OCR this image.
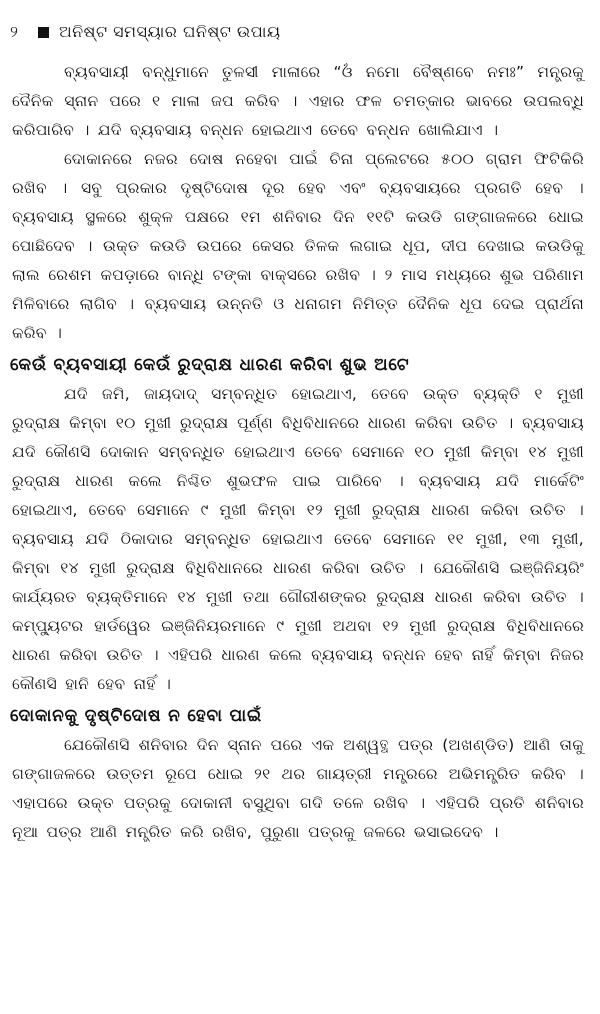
୨	ଅନିଷ୍ଟ ସମସ୍ୟାର ଘନିଷ୍ଟ ଉପାୟ

ବ୍ୟବସାୟୀ ବନ୍ଧୁମାନେ ତୁଳସୀ ମାଳାରେ “ଓଁ ନମୋ ବୈଷ୍ଣବେ ନମଃ” ମନ୍ତ୍ରକୁ ଦୈନିକ ସ୍ନାନ ପରେ ୧ ମାଳା ଜପ କରିବ । ଏହାର ଫଳ ଚମତ୍କାର ଭାବରେ ଉପଲବ୍ଧି କରିପାରିବ । ଯଦି ବ୍ୟବସାୟ ବନ୍ଧନ ହୋଇଥାଏ ତେବେ ବନ୍ଧନ ଖୋଲିଯାଏ ।

ଦୋକାନରେ ନଜର ଦୋଷ ନହେବା ପାଇଁ ଚିନା ପ୍ଲେଟରେ ୫୦୦ ଗ୍ରାମ ଫିଟିକିରି ରଖିବ । ସବୁ ପ୍ରକାର ଦୃଷ୍ଟିଦୋଷ ଦୂର ହେବ ଏବଂ ବ୍ୟବସାୟରେ ପ୍ରଗତି ହେବ । ବ୍ୟବସାୟ ସ୍ଥଳରେ ଶୁକ୍ଳ ପକ୍ଷରେ ୧ମ ଶନିବାର ଦିନ ୧୧ଟି କଉଡି ଗଙ୍ଗାଜଳରେ ଧୋଇ ପୋଛିଦେବ । ଉକ୍ତ କଉଡି ଉପରେ କେସର ତିଳକ ଲଗାଇ ଧୂପ, ଦୀପ ଦେଖାଇ କଉଡିକୁ ଲାଲ ରେଶମ କପଡ଼ାରେ ବାନ୍ଧି ଟଙ୍କା ବାକ୍ସରେ ରଖିବ । ୨ ମାସ ମଧ୍ୟରେ ଶୁଭ ପରିଣାମ ମିଳିବାରେ ଲାଗିବ । ବ୍ୟବସାୟ ଉନ୍ନତି ଓ ଧନାଗମ ନିମିତ୍ତ ଦୈନିକ ଧୂପ ଦେଇ ପ୍ରାର୍ଥନା କରିବ ।

କେଉଁ ବ୍ୟବସାୟୀ କେଉଁ ରୁଦ୍ରାକ୍ଷ ଧାରଣ କରିବା ଶୁଭ ଅଟେ

ଯଦି ଜମି, ଜାୟଦାଦ୍ ସମ୍ବନ୍ଧିତ ହୋଇଥାଏ, ତେବେ ଉକ୍ତ ବ୍ୟକ୍ତି ୧ ମୁଖୀ ରୁଦ୍ରାକ୍ଷ କିମ୍ବା ୧୦ ମୁଖୀ ରୁଦ୍ରାକ୍ଷ ପୂର୍ଣ୍ଣ ବିଧିବିଧାନରେ ଧାରଣ କରିବା ଉଚିତ । ବ୍ୟବସାୟ ଯଦି କୌଣସି ଦୋକାନ ସମ୍ବନ୍ଧିତ ହୋଇଥାଏ ତେବେ ସେମାନେ ୧୦ ମୁଖୀ କିମ୍ବା ୧୪ ମୁଖୀ ରୁଦ୍ରାକ୍ଷ ଧାରଣ କଲେ ନିଶ୍ଚିତ ଶୁଭଫଳ ପାଇ ପାରିବେ । ବ୍ୟବସାୟ ଯଦି ମାର୍କେଟିଂ ହୋଇଥାଏ, ତେବେ ସେମାନେ ୯ ମୁଖୀ କିମ୍ବା ୧୨ ମୁଖୀ ରୁଦ୍ରାକ୍ଷ ଧାରଣ କରିବା ଉଚିତ । ବ୍ୟବସାୟ ଯଦି ଠିକାଦାର ସମ୍ବନ୍ଧିତ ହୋଇଥାଏ ତେବେ ସେମାନେ ୧୧ ମୁଖୀ, ୧୩ ମୁଖୀ, କିମ୍ବା ୧୪ ମୁଖୀ ରୁଦ୍ରାକ୍ଷ ବିଧିବିଧାନରେ ଧାରଣ କରିବା ଉଚିତ । ଯେକୌଣସି ଇଞ୍ଜିନିୟରିଂ କାର୍ଯ୍ୟରତ ବ୍ୟକ୍ତିମାନେ ୧୪ ମୁଖୀ ତଥା ଗୌରୀଶଙ୍କର ରୁଦ୍ରାକ୍ଷ ଧାରଣ କରିବା ଉଚିତ । କମ୍ପ୍ୟୁଟର ହାର୍ଡୱେର ଇଞ୍ଜିନିୟରମାନେ ୯ ମୁଖୀ ଅଥବା ୧୨ ମୁଖୀ ରୁଦ୍ରାକ୍ଷ ବିଧିବିଧାନରେ ଧାରଣ କରିବା ଉଚିତ । ଏହିପରି ଧାରଣ କଲେ ବ୍ୟବସାୟ ବନ୍ଧନ ହେବ ନାହିଁ କିମ୍ବା ନିଜର କୌଣସି ହାନି ହେବ ନାହିଁ ।

ଦୋକାନକୁ ଦୃଷ୍ଟିଦୋଷ ନ ହେବା ପାଇଁ

ଯେକୌଣସି ଶନିବାର ଦିନ ସ୍ନାନ ପରେ ଏକ ଅଶ୍ୱତ୍ଥ ପତ୍ର (ଅଖଣ୍ଡିତ) ଆଣି ତାକୁ ଗଙ୍ଗାଜଳରେ ଉତ୍ତମ ରୂପେ ଧୋଇ ୨୧ ଥର ଗାୟତ୍ରୀ ମନ୍ତ୍ରରେ ଅଭିମନ୍ତ୍ରିତ କରିବ । ଏହାପରେ ଉକ୍ତ ପତ୍ରକୁ ଦୋକାନୀ ବସୁଥିବା ଗଦି ତଳେ ରଖିବ । ଏହିପରି ପ୍ରତି ଶନିବାର ନୂଆ ପତ୍ର ଆଣି ମନ୍ତ୍ରିତ କରି ରଖିବ, ପୁରୁଣା ପତ୍ରକୁ ଜଳରେ ଭସାଇଦେବ ।
